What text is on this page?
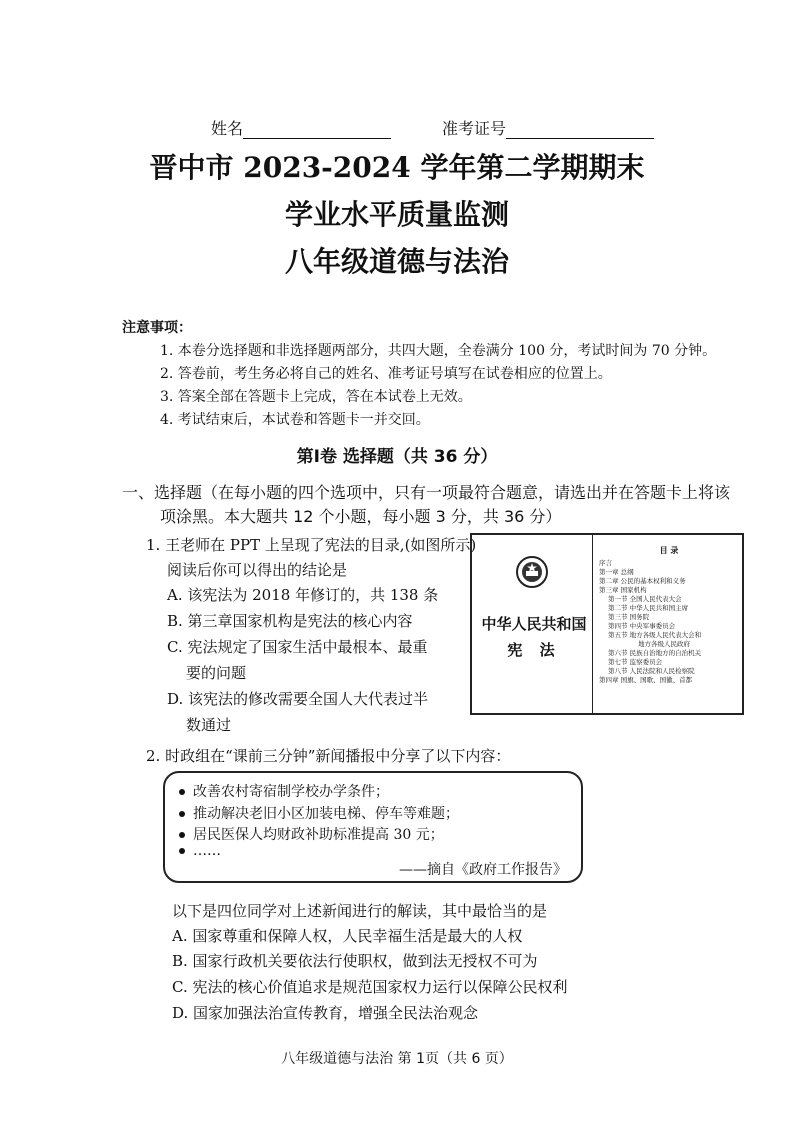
姓名	准考证号
晋中市 2023-2024 学年第二学期期末
学业水平质量监测
八年级道德与法治
注意事项：
1. 本卷分选择题和非选择题两部分，共四大题，全卷满分 100 分，考试时间为 70 分钟。
2. 答卷前，考生务必将自己的姓名、准考证号填写在试卷相应的位置上。
3. 答案全部在答题卡上完成，答在本试卷上无效。
4. 考试结束后，本试卷和答题卡一并交回。
第Ⅰ卷 选择题（共 36 分）
一、选择题（在每小题的四个选项中，只有一项最符合题意，请选出并在答题卡上将该
项涂黑。本大题共 12 个小题，每小题 3 分，共 36 分）
1. 王老师在 PPT 上呈现了宪法的目录,(如图所示)
阅读后你可以得出的结论是
A. 该宪法为 2018 年修订的，共 138 条
B. 第三章国家机构是宪法的核心内容
C. 宪法规定了国家生活中最根本、最重
要的问题
D. 该宪法的修改需要全国人大代表过半
数通过
中华人民共和国
宪 法
目 录
序言
第一章 总纲
第二章 公民的基本权利和义务
第三章 国家机构
第一节 全国人民代表大会
第二节 中华人民共和国主席
第三节 国务院
第四节 中央军事委员会
第五节 地方各级人民代表大会和
地方各级人民政府
第六节 民族自治地方的自治机关
第七节 监察委员会
第八节 人民法院和人民检察院
第四章 国旗、国歌、国徽、首都
2. 时政组在“课前三分钟”新闻播报中分享了以下内容：
改善农村寄宿制学校办学条件；
推动解决老旧小区加装电梯、停车等难题；
居民医保人均财政补助标准提高 30 元；
……
——摘自《政府工作报告》
以下是四位同学对上述新闻进行的解读，其中最恰当的是
A. 国家尊重和保障人权，人民幸福生活是最大的人权
B. 国家行政机关要依法行使职权，做到法无授权不可为
C. 宪法的核心价值追求是规范国家权力运行以保障公民权利
D. 国家加强法治宣传教育，增强全民法治观念
八年级道德与法治 第 1页（共 6 页）
